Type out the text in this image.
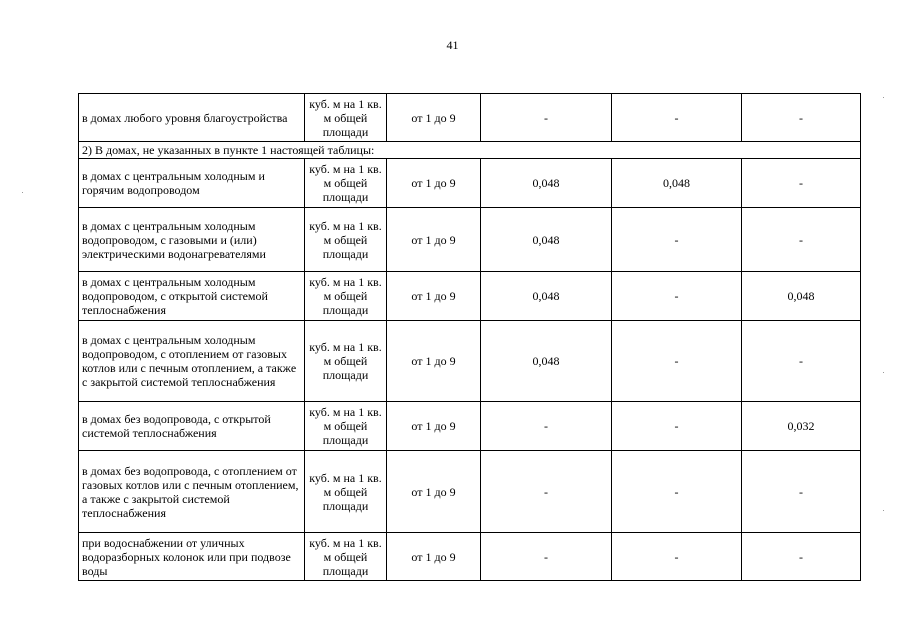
41
в домах любого уровня благоустройства	куб. м на 1 кв. м общей площади	от 1 до 9	-	-	-
2) В домах, не указанных в пункте 1 настоящей таблицы:					
в домах с центральным холодным и горячим водопроводом	куб. м на 1 кв. м общей площади	от 1 до 9	0,048	0,048	-
в домах с центральным холодным водопроводом, с газовыми и (или) электрическими водонагревателями	куб. м на 1 кв. м общей площади	от 1 до 9	0,048	-	-
в домах с центральным холодным водопроводом, с открытой системой теплоснабжения	куб. м на 1 кв. м общей площади	от 1 до 9	0,048	-	0,048
в домах с центральным холодным водопроводом, с отоплением от газовых котлов или с печным отоплением, а также с закрытой системой теплоснабжения	куб. м на 1 кв. м общей площади	от 1 до 9	0,048	-	-
в домах без водопровода, с открытой системой теплоснабжения	куб. м на 1 кв. м общей площади	от 1 до 9	-	-	0,032
в домах без водопровода, с отоплением от газовых котлов или с печным отоплением, а также с закрытой системой теплоснабжения	куб. м на 1 кв. м общей площади	от 1 до 9	-	-	-
при водоснабжении от уличных водоразборных колонок или при подвозе воды	куб. м на 1 кв. м общей площади	от 1 до 9	-	-	-
